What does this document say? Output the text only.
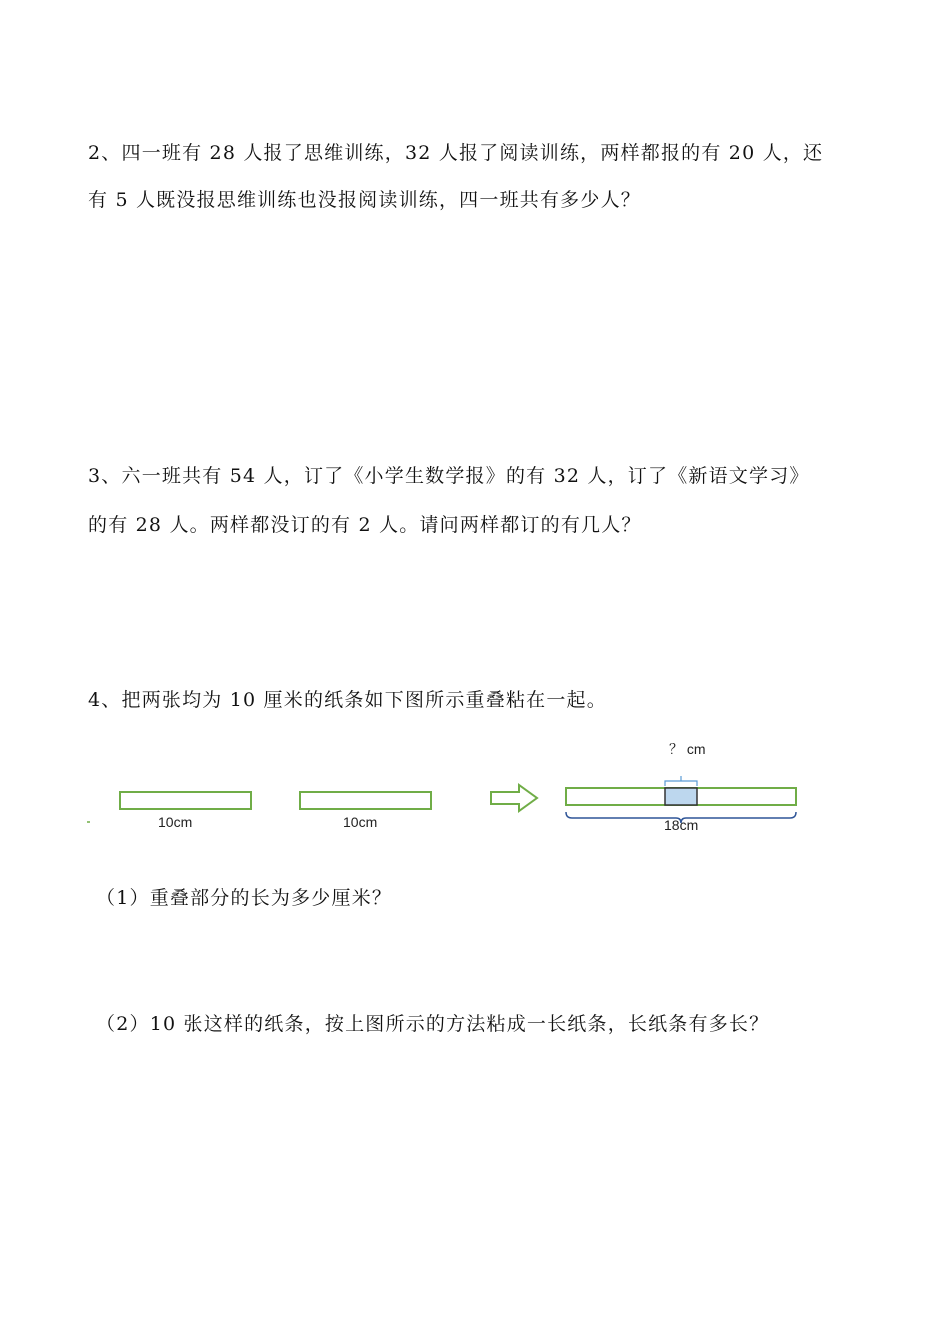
2、四一班有 28 人报了思维训练，32 人报了阅读训练，两样都报的有 20 人，还
有 5 人既没报思维训练也没报阅读训练，四一班共有多少人？
3、六一班共有 54 人，订了《小学生数学报》的有 32 人，订了《新语文学习》
的有 28 人。两样都没订的有 2 人。请问两样都订的有几人？
4、把两张均为 10 厘米的纸条如下图所示重叠粘在一起。
10cm	10cm
？ cm
18cm
（1）重叠部分的长为多少厘米？
（2）10 张这样的纸条，按上图所示的方法粘成一长纸条，长纸条有多长？
